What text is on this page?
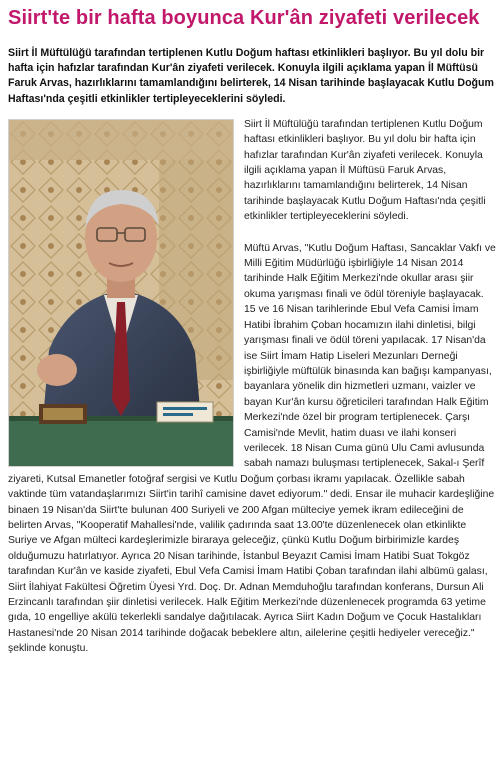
Siirt'te bir hafta boyunca Kur'ân ziyafeti verilecek

Siirt İl Müftülüğü tarafından tertiplenen Kutlu Doğum haftası etkinlikleri başlıyor. Bu yıl dolu bir hafta için hafızlar tarafından Kur'ân ziyafeti verilecek. Konuyla ilgili açıklama yapan İl Müftüsü Faruk Arvas, hazırlıklarını tamamlandığını belirterek, 14 Nisan tarihinde başlayacak Kutlu Doğum Haftası'nda çeşitli etkinlikler tertipleyeceklerini söyledi.

Siirt İl Müftülüğü tarafından tertiplenen Kutlu Doğum haftası etkinlikleri başlıyor. Bu yıl dolu bir hafta için hafızlar tarafından Kur'ân ziyafeti verilecek. Konuyla ilgili açıklama yapan İl Müftüsü Faruk Arvas, hazırlıklarını tamamlandığını belirterek, 14 Nisan tarihinde başlayacak Kutlu Doğum Haftası'nda çeşitli etkinlikler tertipleyeceklerini söyledi.

Müftü Arvas, "Kutlu Doğum Haftası, Sancaklar Vakfı ve Milli Eğitim Müdürlüğü işbirliğiyle 14 Nisan 2014 tarihinde Halk Eğitim Merkezi'nde okullar arası şiir okuma yarışması finali ve ödül töreniyle başlayacak. 15 ve 16 Nisan tarihlerinde Ebul Vefa Camisi İmam Hatibi İbrahim Çoban hocamızın ilahi dinletisi, bilgi yarışması finali ve ödül töreni yapılacak. 17 Nisan'da ise Siirt İmam Hatip Liseleri Mezunları Derneği işbirliğiyle müftülük binasında kan bağışı kampanyası, bayanlara yönelik din hizmetleri uzmanı, vaizler ve bayan Kur'ân kursu öğreticileri tarafından Halk Eğitim Merkezi'nde özel bir program tertiplenecek. Çarşı Camisi'nde Mevlit, hatim duası ve ilahi konseri verilecek. 18 Nisan Cuma günü Ulu Cami avlusunda sabah namazı buluşması tertiplenecek, Sakal-ı Şerîf ziyareti, Kutsal Emanetler fotoğraf sergisi ve Kutlu Doğum çorbası ikramı yapılacak. Özellikle sabah vaktinde tüm vatandaşlarımızı Siirt'in tarihî camisine davet ediyorum." dedi. Ensar ile muhacir kardeşliğine binaen 19 Nisan'da Siirt'te bulunan 400 Suriyeli ve 200 Afgan mülteciye yemek ikram edileceğini de belirten Arvas, "Kooperatif Mahallesi'nde, valilik çadırında saat 13.00'te düzenlenecek olan etkinlikte Suriye ve Afgan mülteci kardeşlerimizle biraraya geleceğiz, çünkü Kutlu Doğum birbirimizle kardeş olduğumuzu hatırlatıyor. Ayrıca 20 Nisan tarihinde, İstanbul Beyazıt Camisi İmam Hatibi Suat Tokgöz tarafından Kur'ân ve kaside ziyafeti, Ebul Vefa Camisi İmam Hatibi Çoban tarafından ilahi albümü galası, Siirt İlahiyat Fakültesi Öğretim Üyesi Yrd. Doç. Dr. Adnan Memduhoğlu tarafından konferans, Dursun Ali Erzincanlı tarafından şiir dinletisi verilecek. Halk Eğitim Merkezi'nde düzenlenecek programda 63 yetime gıda, 10 engelliye akülü tekerlekli sandalye dağıtılacak. Ayrıca Siirt Kadın Doğum ve Çocuk Hastalıkları Hastanesi'nde 20 Nisan 2014 tarihinde doğacak bebeklere altın, ailelerine çeşitli hediyeler vereceğiz." şeklinde konuştu.
